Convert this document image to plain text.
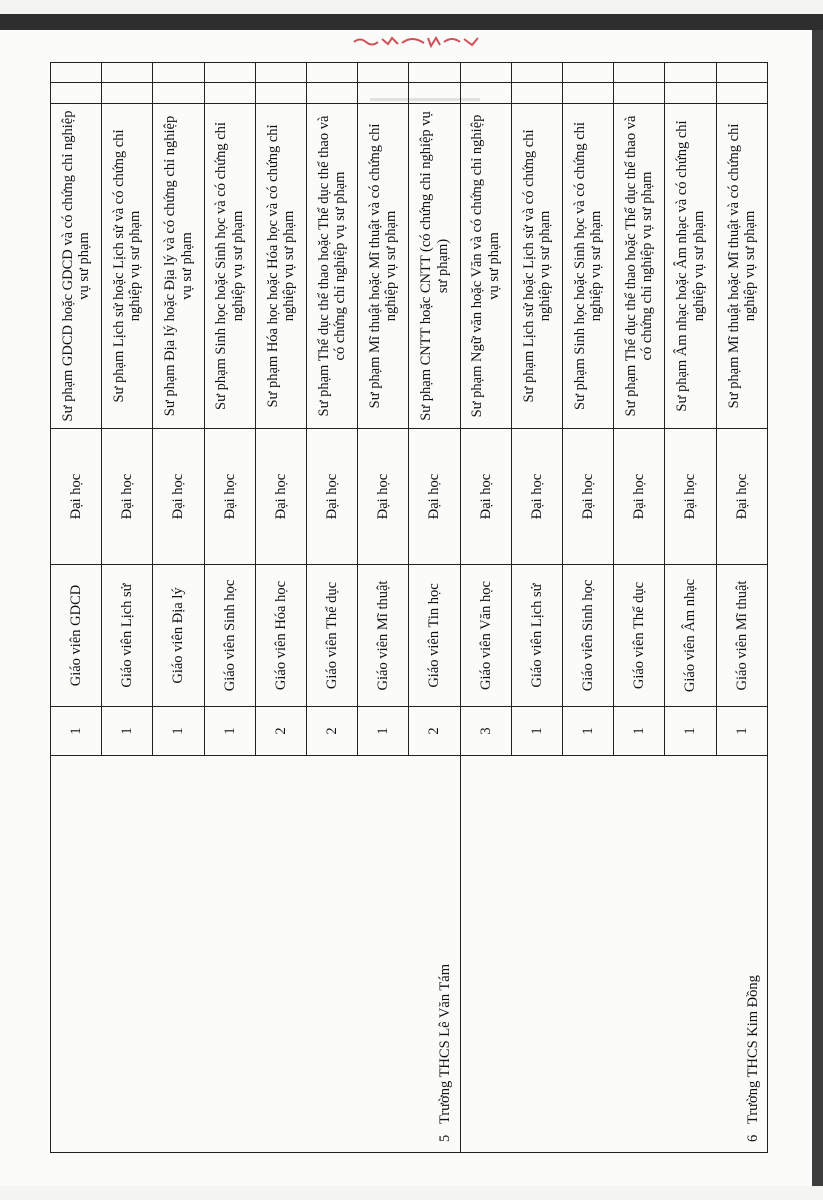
5Trường THCS Lê Văn Tám	1	Giáo viên GDCD	Đại học	Sư phạm GDCD hoặc GDCD và có chứng chỉ nghiệp vụ sư phạm		
	1	Giáo viên Lịch sử	Đại học	Sư phạm Lịch sử hoặc Lịch sử và có chứng chỉ nghiệp vụ sư phạm		
	1	Giáo viên Địa lý	Đại học	Sư phạm Địa lý hoặc Địa lý và có chứng chỉ nghiệp vụ sư phạm		
	1	Giáo viên Sinh học	Đại học	Sư phạm Sinh học hoặc Sinh học và có chứng chỉ nghiệp vụ sư phạm		
	2	Giáo viên Hóa học	Đại học	Sư phạm Hóa học hoặc Hóa học và có chứng chỉ nghiệp vụ sư phạm		
	2	Giáo viên Thể dục	Đại học	Sư phạm Thể dục thể thao hoặc Thể dục thể thao và có chứng chỉ nghiệp vụ sư phạm		
	1	Giáo viên Mĩ thuật	Đại học	Sư phạm Mĩ thuật hoặc Mĩ thuật và có chứng chỉ nghiệp vụ sư phạm		
	2	Giáo viên Tin học	Đại học	Sư phạm CNTT hoặc CNTT (có chứng chỉ nghiệp vụ sư phạm)		
6Trường THCS Kim Đồng	3	Giáo viên Văn học	Đại học	Sư phạm Ngữ văn hoặc Văn và có chứng chỉ nghiệp vụ sư phạm		
	1	Giáo viên Lịch sử	Đại học	Sư phạm Lịch sử hoặc Lịch sử và có chứng chỉ nghiệp vụ sư phạm		
	1	Giáo viên Sinh học	Đại học	Sư phạm Sinh học hoặc Sinh học và có chứng chỉ nghiệp vụ sư phạm		
	1	Giáo viên Thể dục	Đại học	Sư phạm Thể dục thể thao hoặc Thể dục thể thao và có chứng chỉ nghiệp vụ sư phạm		
	1	Giáo viên Âm nhạc	Đại học	Sư phạm Âm nhạc hoặc Âm nhạc và có chứng chỉ nghiệp vụ sư phạm		
	1	Giáo viên Mĩ thuật	Đại học	Sư phạm Mĩ thuật hoặc Mĩ thuật và có chứng chỉ nghiệp vụ sư phạm		
